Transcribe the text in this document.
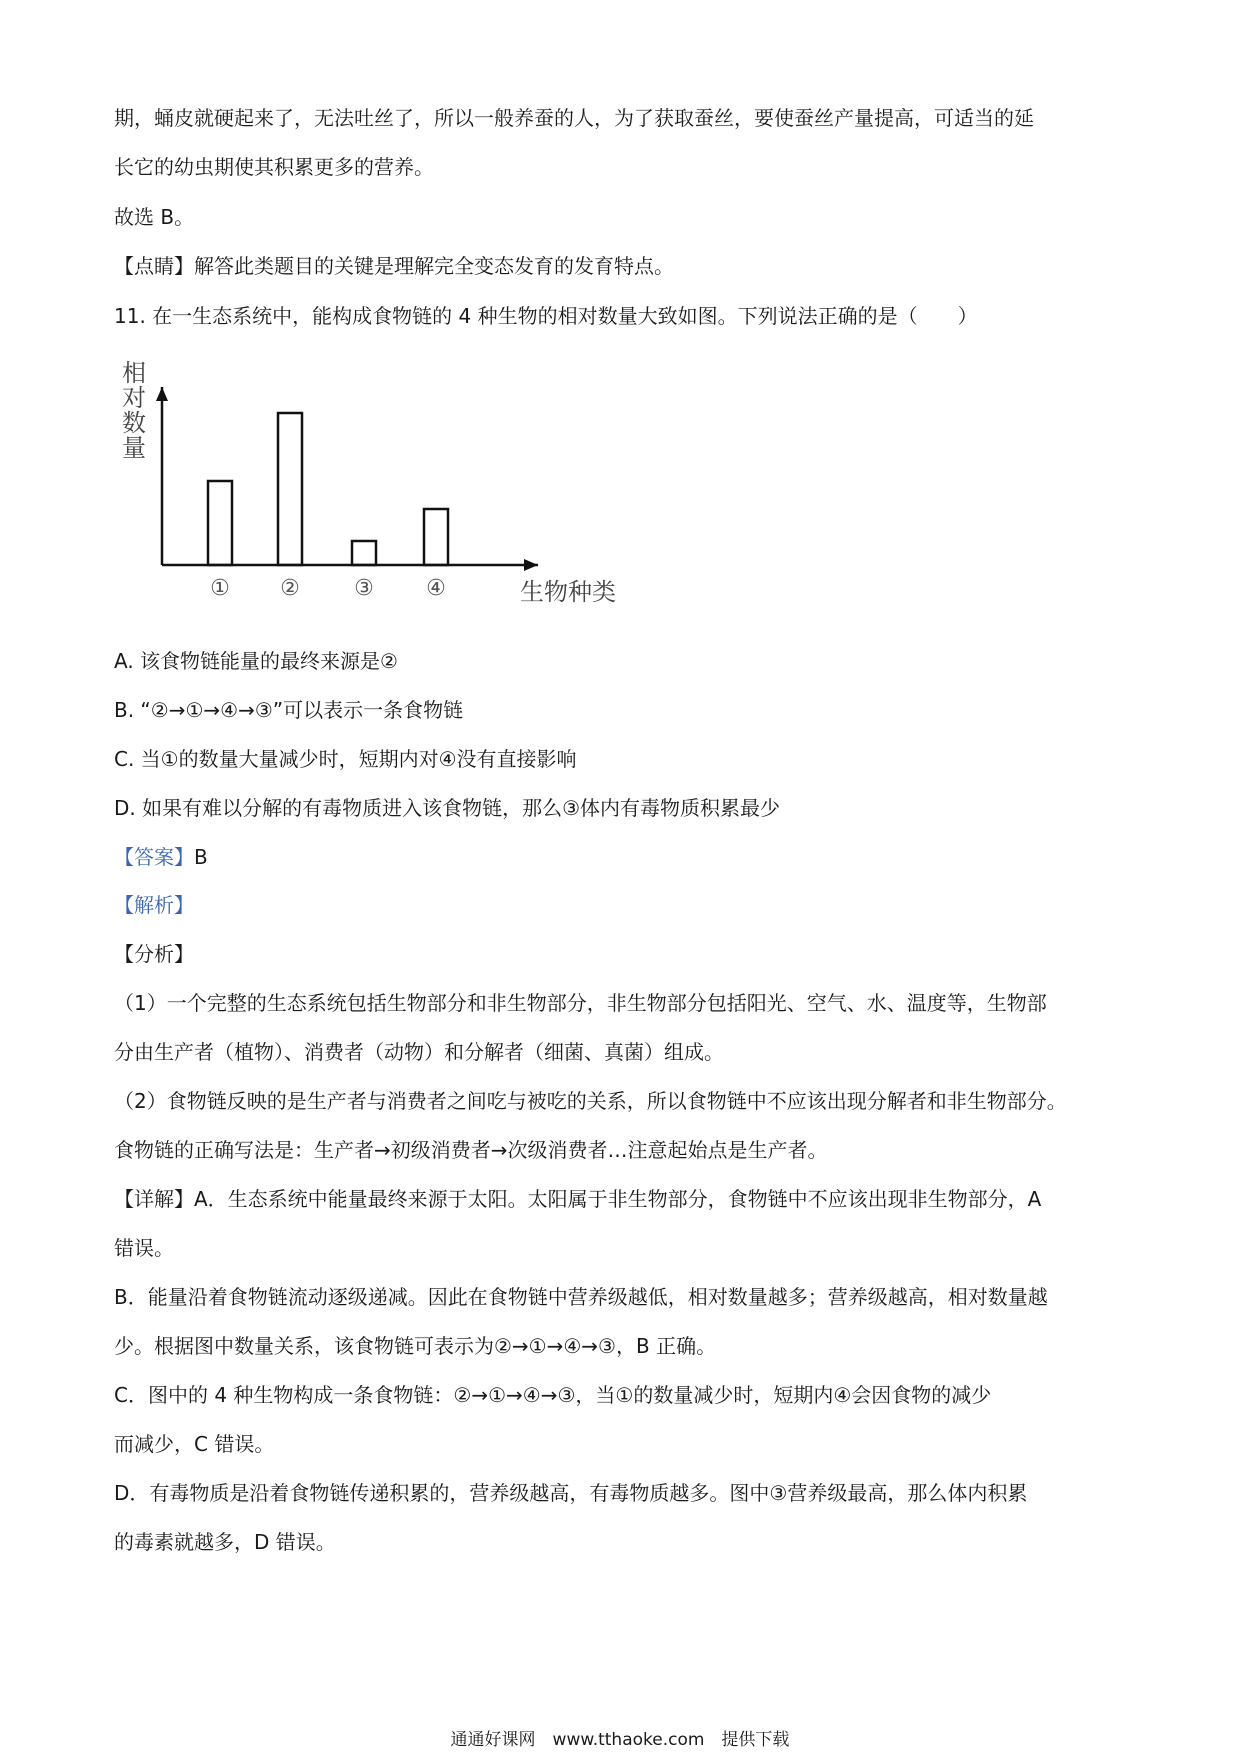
期，蛹皮就硬起来了，无法吐丝了，所以一般养蚕的人，为了获取蚕丝，要使蚕丝产量提高，可适当的延
长它的幼虫期使其积累更多的营养。
故选 B。
【点睛】解答此类题目的关键是理解完全变态发育的发育特点。
11. 在一生态系统中，能构成食物链的 4 种生物的相对数量大致如图。下列说法正确的是（　　）
相对数量
生物种类
① ② ③ ④
A. 该食物链能量的最终来源是②
B. “②→①→④→③”可以表示一条食物链
C. 当①的数量大量减少时，短期内对④没有直接影响
D. 如果有难以分解的有毒物质进入该食物链，那么③体内有毒物质积累最少
【答案】B
【解析】
【分析】
（1）一个完整的生态系统包括生物部分和非生物部分，非生物部分包括阳光、空气、水、温度等，生物部
分由生产者（植物）、消费者（动物）和分解者（细菌、真菌）组成。
（2）食物链反映的是生产者与消费者之间吃与被吃的关系，所以食物链中不应该出现分解者和非生物部分。
食物链的正确写法是：生产者→初级消费者→次级消费者…注意起始点是生产者。
【详解】A．生态系统中能量最终来源于太阳。太阳属于非生物部分，食物链中不应该出现非生物部分，A
错误。
B．能量沿着食物链流动逐级递减。因此在食物链中营养级越低，相对数量越多；营养级越高，相对数量越
少。根据图中数量关系，该食物链可表示为②→①→④→③，B 正确。
C．图中的 4 种生物构成一条食物链：②→①→④→③，当①的数量减少时，短期内④会因食物的减少
而减少，C 错误。
D．有毒物质是沿着食物链传递积累的，营养级越高，有毒物质越多。图中③营养级最高，那么体内积累
的毒素就越多，D 错误。
通通好课网　www.tthaoke.com　提供下载
